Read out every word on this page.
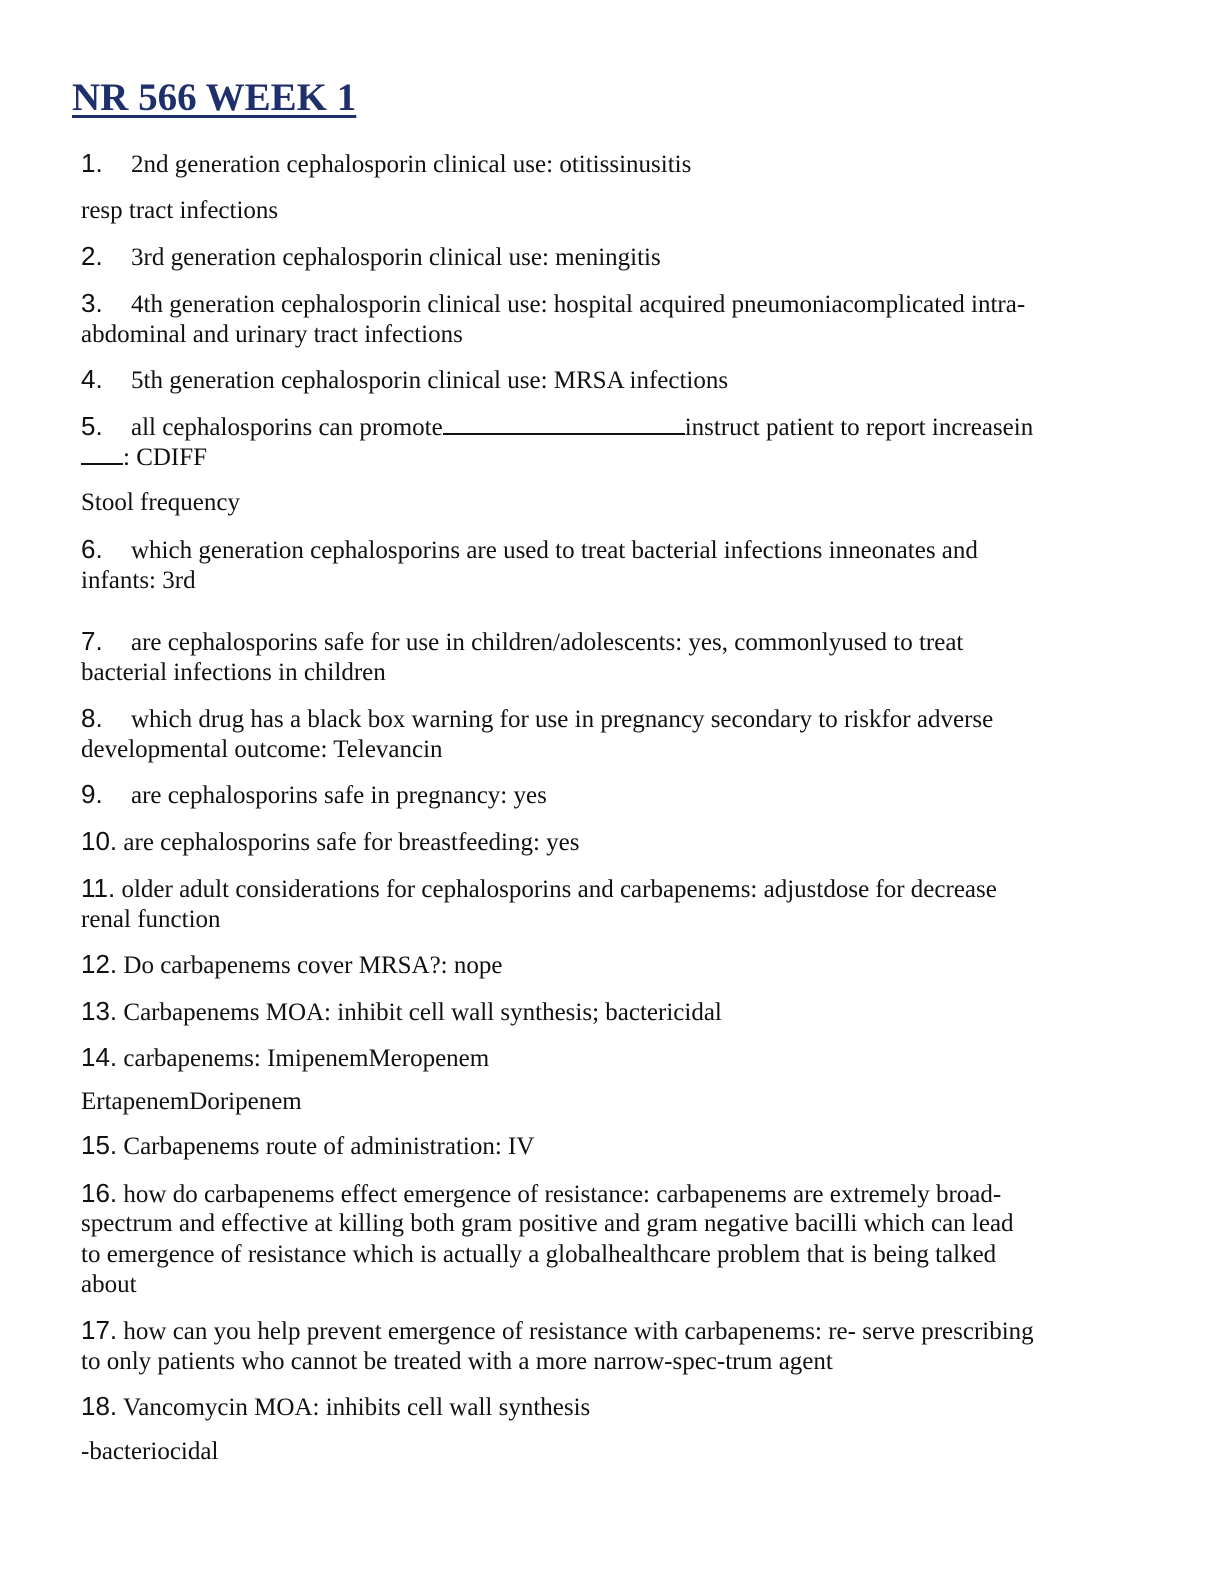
NR 566 WEEK 1
1. 2nd generation cephalosporin clinical use: otitissinusitis
resp tract infections
2. 3rd generation cephalosporin clinical use: meningitis
3. 4th generation cephalosporin clinical use: hospital acquired pneumoniacomplicated intra-
abdominal and urinary tract infections
4. 5th generation cephalosporin clinical use: MRSA infections
5. all cephalosporins can promote	instruct patient to report increasein
: CDIFF
Stool frequency
6. which generation cephalosporins are used to treat bacterial infections inneonates and
infants: 3rd
7. are cephalosporins safe for use in children/adolescents: yes, commonlyused to treat
bacterial infections in children
8. which drug has a black box warning for use in pregnancy secondary to riskfor adverse
developmental outcome: Televancin
9. are cephalosporins safe in pregnancy: yes
10. are cephalosporins safe for breastfeeding: yes
11. older adult considerations for cephalosporins and carbapenems: adjustdose for decrease
renal function
12. Do carbapenems cover MRSA?: nope
13. Carbapenems MOA: inhibit cell wall synthesis; bactericidal
14. carbapenems: ImipenemMeropenem
ErtapenemDoripenem
15. Carbapenems route of administration: IV
16. how do carbapenems effect emergence of resistance: carbapenems are extremely broad-
spectrum and effective at killing both gram positive and gram negative bacilli which can lead
to emergence of resistance which is actually a globalhealthcare problem that is being talked
about
17. how can you help prevent emergence of resistance with carbapenems: re- serve prescribing
to only patients who cannot be treated with a more narrow-spec-trum agent
18. Vancomycin MOA: inhibits cell wall synthesis
-bacteriocidal
